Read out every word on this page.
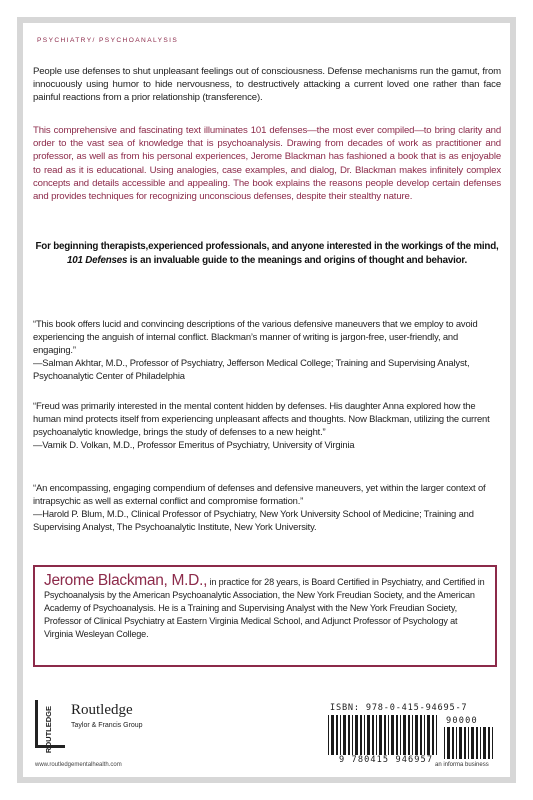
PSYCHIATRY/ PSYCHOANALYSIS
People use defenses to shut unpleasant feelings out of consciousness. Defense mechanisms run the gamut, from innocuously using humor to hide nervousness, to destructively attacking a current loved one rather than face painful reactions from a prior relationship (transference).
This comprehensive and fascinating text illuminates 101 defenses—the most ever compiled—to bring clarity and order to the vast sea of knowledge that is psychoanalysis. Drawing from decades of work as practitioner and professor, as well as from his personal experiences, Jerome Blackman has fashioned a book that is as enjoyable to read as it is educational. Using analogies, case examples, and dialog, Dr. Blackman makes infinitely complex concepts and details accessible and appealing. The book explains the reasons people develop certain defenses and provides techniques for recognizing unconscious defenses, despite their stealthy nature.
For beginning therapists,experienced professionals, and anyone interested in the workings of the mind, 101 Defenses is an invaluable guide to the meanings and origins of thought and behavior.
“This book offers lucid and convincing descriptions of the various defensive maneuvers that we employ to avoid experiencing the anguish of internal conflict. Blackman’s manner of writing is jargon-free, user-friendly, and engaging.”
—Salman Akhtar, M.D., Professor of Psychiatry, Jefferson Medical College; Training and Supervising Analyst, Psychoanalytic Center of Philadelphia
“Freud was primarily interested in the mental content hidden by defenses. His daughter Anna explored how the human mind protects itself from experiencing unpleasant affects and thoughts. Now Blackman, utilizing the current psychoanalytic knowledge, brings the study of defenses to a new height.”
—Vamik D. Volkan, M.D., Professor Emeritus of Psychiatry, University of Virginia
“An encompassing, engaging compendium of defenses and defensive maneuvers, yet within the larger context of intrapsychic as well as external conflict and compromise formation.”
—Harold P. Blum, M.D., Clinical Professor of Psychiatry, New York University School of Medicine; Training and Supervising Analyst, The Psychoanalytic Institute, New York University.
Jerome Blackman, M.D., in practice for 28 years, is Board Certified in Psychiatry, and Certified in Psychoanalysis by the American Psychoanalytic Association, the New York Freudian Society, and the American Academy of Psychoanalysis. He is a Training and Supervising Analyst with the New York Freudian Society, Professor of Clinical Psychiatry at Eastern Virginia Medical School, and Adjunct Professor of Psychology at Virginia Wesleyan College.
ROUTLEDGE Routledge
Taylor & Francis Group
www.routledgementalhealth.com
ISBN: 978-0-415-94695-7
90000
9 780415 946957 an informa business
